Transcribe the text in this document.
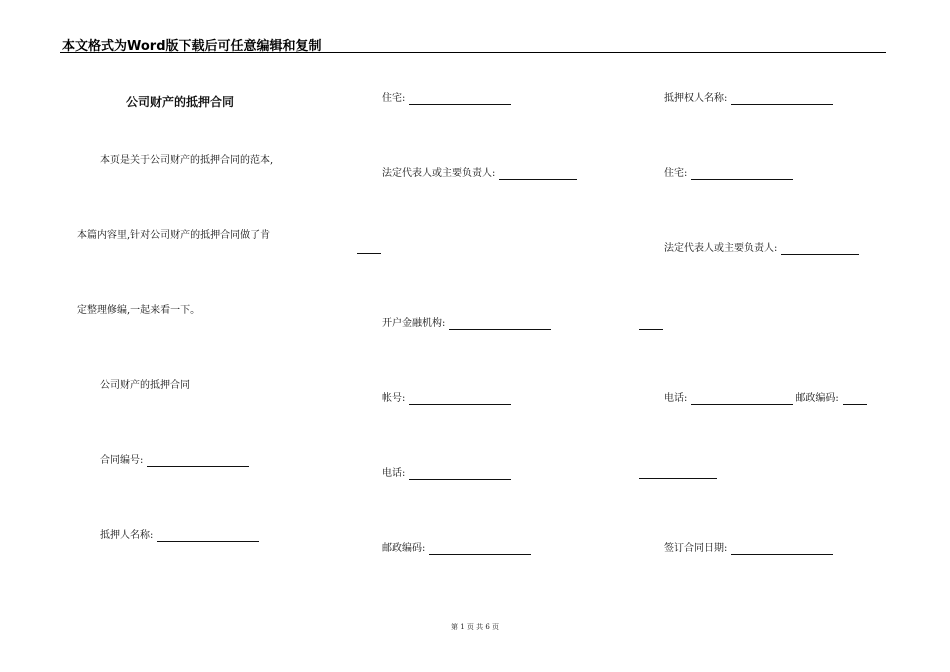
本文格式为Word版下载后可任意编辑和复制
公司财产的抵押合同
本页是关于公司财产的抵押合同的范本,
本篇内容里,针对公司财产的抵押合同做了肯
定整理修编,一起来看一下。
公司财产的抵押合同
合同编号:
抵押人名称:
住宅:
法定代表人或主要负责人:
开户金融机构:
帐号:
电话:
邮政编码:
抵押权人名称:
住宅:
法定代表人或主要负责人:
电话:	邮政编码:
签订合同日期:
第 1 页 共 6 页
